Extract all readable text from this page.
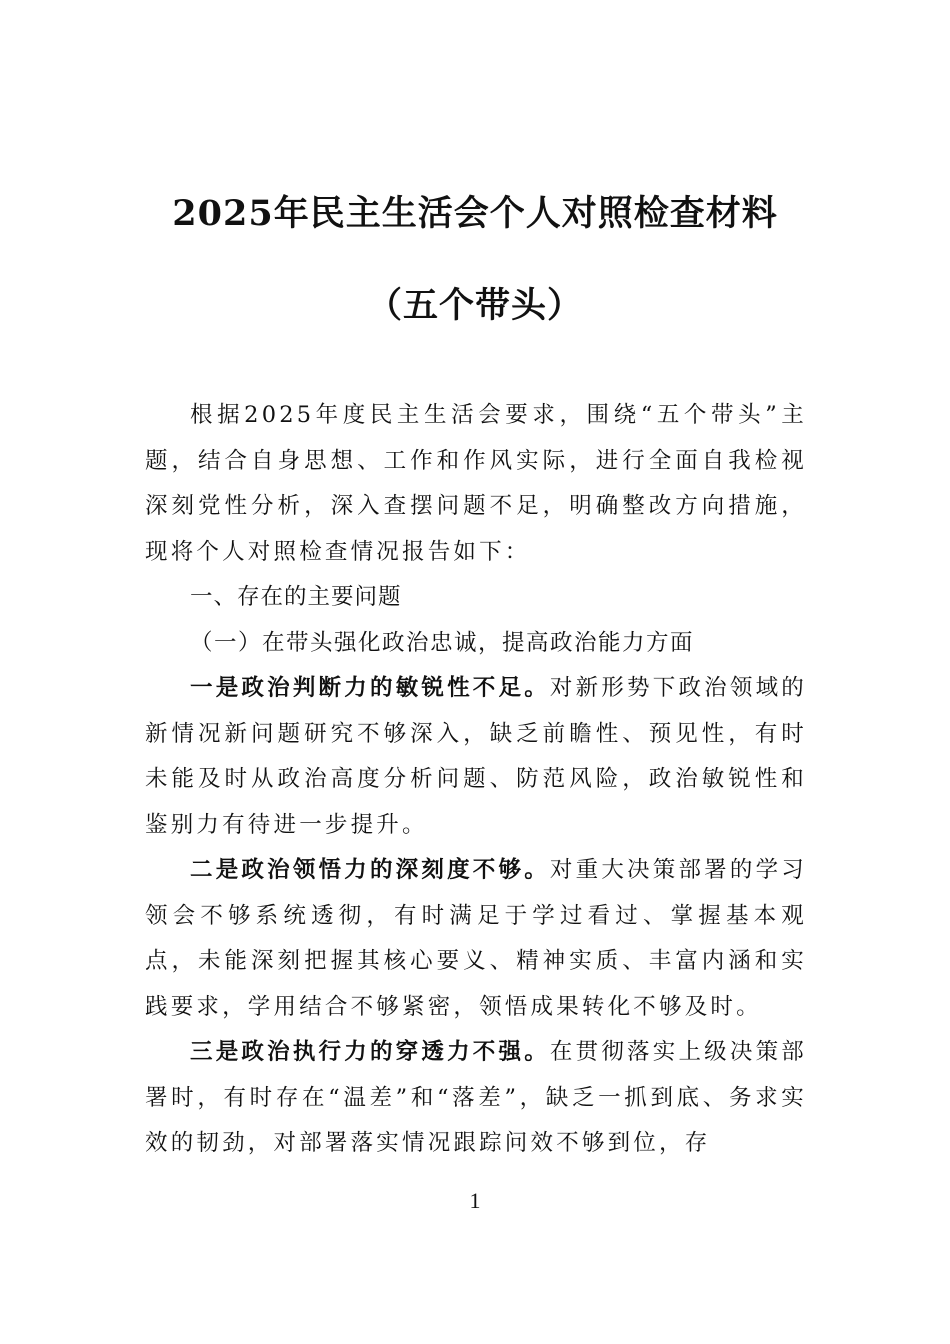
2025年民主生活会个人对照检查材料（五个带头）

根据2025年度民主生活会要求，围绕“五个带头”主题，结合自身思想、工作和作风实际，进行全面自我检视深刻党性分析，深入查摆问题不足，明确整改方向措施，现将个人对照检查情况报告如下：

一、存在的主要问题

（一）在带头强化政治忠诚，提高政治能力方面

一是政治判断力的敏锐性不足。对新形势下政治领域的新情况新问题研究不够深入，缺乏前瞻性、预见性，有时未能及时从政治高度分析问题、防范风险，政治敏锐性和鉴别力有待进一步提升。

二是政治领悟力的深刻度不够。对重大决策部署的学习领会不够系统透彻，有时满足于学过看过、掌握基本观点，未能深刻把握其核心要义、精神实质、丰富内涵和实践要求，学用结合不够紧密，领悟成果转化不够及时。

三是政治执行力的穿透力不强。在贯彻落实上级决策部署时，有时存在“温差”和“落差”，缺乏一抓到底、务求实效的韧劲，对部署落实情况跟踪问效不够到位，存

1
